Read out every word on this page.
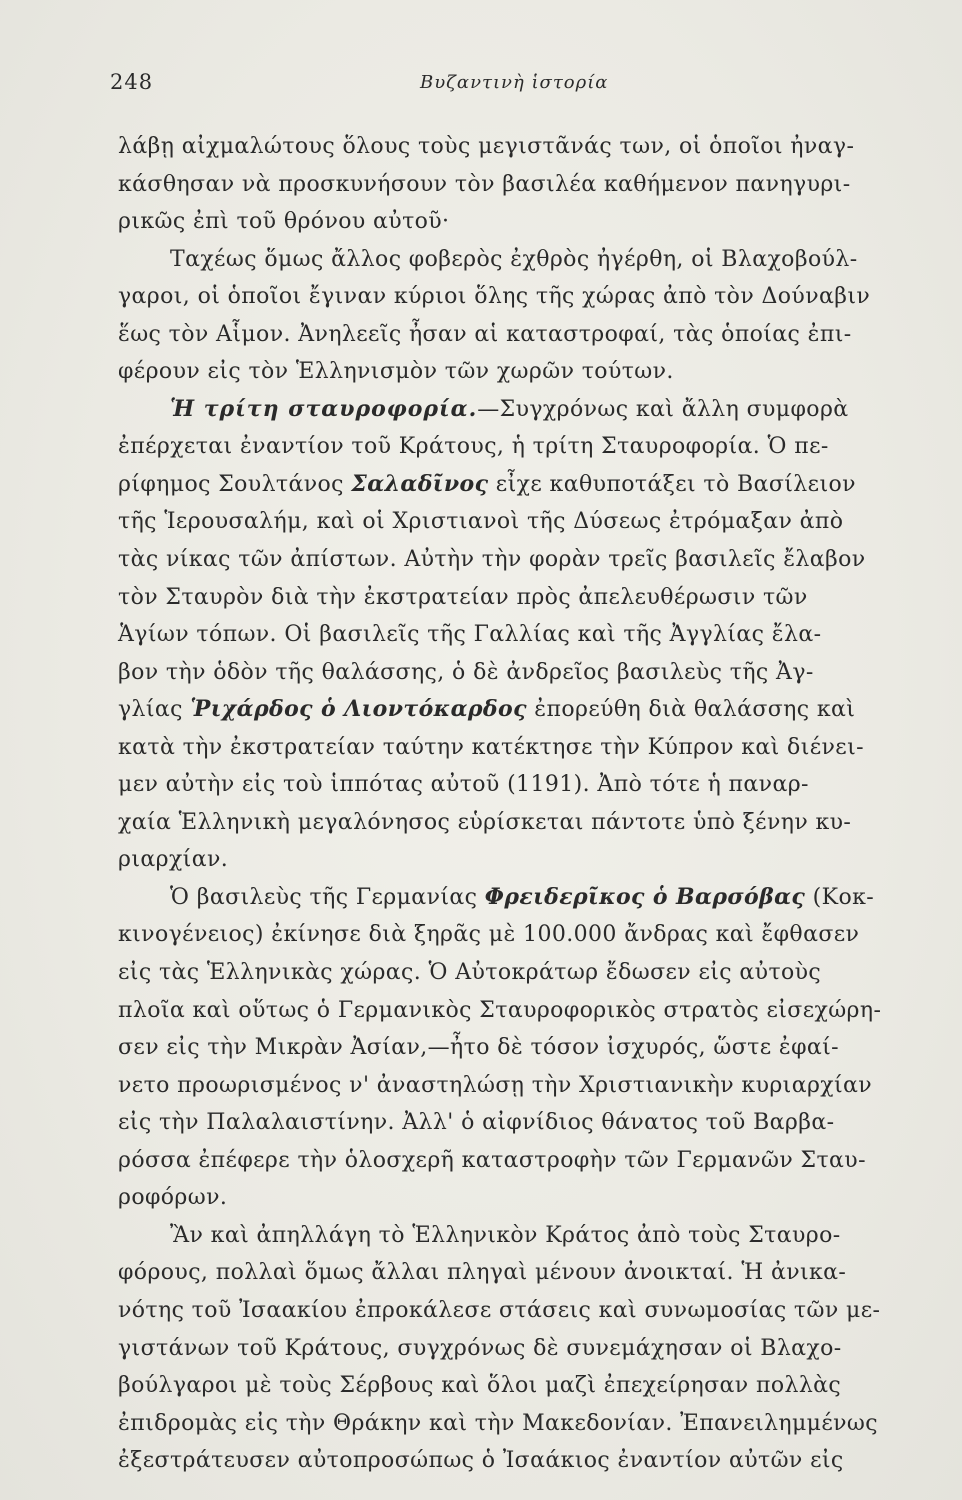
248	Βυζαντινὴ ἱστορία
λάβῃ αἰχμαλώτους ὅλους τοὺς μεγιστᾶνάς των, οἱ ὁποῖοι ἠναγ-
κάσθησαν νὰ προσκυνήσουν τὸν βασιλέα καθήμενον πανηγυρι-
ρικῶς ἐπὶ τοῦ θρόνου αὐτοῦ·
Ταχέως ὅμως ἄλλος φοβερὸς ἐχθρὸς ἠγέρθη, οἱ Βλαχοβούλ-
γαροι, οἱ ὁποῖοι ἔγιναν κύριοι ὅλης τῆς χώρας ἀπὸ τὸν Δούναβιν
ἕως τὸν Αἷμον. Ἀνηλεεῖς ἦσαν αἱ καταστροφαί, τὰς ὁποίας ἐπι-
φέρουν εἰς τὸν Ἑλληνισμὸν τῶν χωρῶν τούτων.
Ἡ τρίτη σταυροφορία.—Συγχρόνως καὶ ἄλλη συμφορὰ
ἐπέρχεται ἐναντίον τοῦ Κράτους, ἡ τρίτη Σταυροφορία. Ὁ πε-
ρίφημος Σουλτάνος Σαλαδῖνος εἶχε καθυποτάξει τὸ Βασίλειον
τῆς Ἱερουσαλήμ, καὶ οἱ Χριστιανοὶ τῆς Δύσεως ἐτρόμαξαν ἀπὸ
τὰς νίκας τῶν ἀπίστων. Αὐτὴν τὴν φορὰν τρεῖς βασιλεῖς ἔλαβον
τὸν Σταυρὸν διὰ τὴν ἐκστρατείαν πρὸς ἀπελευθέρωσιν τῶν
Ἁγίων τόπων. Οἱ βασιλεῖς τῆς Γαλλίας καὶ τῆς Ἀγγλίας ἔλα-
βον τὴν ὁδὸν τῆς θαλάσσης, ὁ δὲ ἀνδρεῖος βασιλεὺς τῆς Ἀγ-
γλίας Ῥιχάρδος ὁ Λιοντόκαρδος ἐπορεύθη διὰ θαλάσσης καὶ
κατὰ τὴν ἐκστρατείαν ταύτην κατέκτησε τὴν Κύπρον καὶ διένει-
μεν αὐτὴν εἰς τοὺ ἱππότας αὐτοῦ (1191). Ἀπὸ τότε ἡ παναρ-
χαία Ἑλληνικὴ μεγαλόνησος εὑρίσκεται πάντοτε ὑπὸ ξένην κυ-
ριαρχίαν.
Ὁ βασιλεὺς τῆς Γερμανίας Φρειδερῖκος ὁ Βαρσόβας (Κοκ-
κινογένειος) ἐκίνησε διὰ ξηρᾶς μὲ 100.000 ἄνδρας καὶ ἔφθασεν
εἰς τὰς Ἑλληνικὰς χώρας. Ὁ Αὐτοκράτωρ ἔδωσεν εἰς αὐτοὺς
πλοῖα καὶ οὕτως ὁ Γερμανικὸς Σταυροφορικὸς στρατὸς εἰσεχώρη-
σεν εἰς τὴν Μικρὰν Ἀσίαν,—ἦτο δὲ τόσον ἰσχυρός, ὥστε ἐφαί-
νετο προωρισμένος ν' ἀναστηλώσῃ τὴν Χριστιανικὴν κυριαρχίαν
εἰς τὴν Παλαλαιστίνην. Ἀλλ' ὁ αἰφνίδιος θάνατος τοῦ Βαρβα-
ρόσσα ἐπέφερε τὴν ὁλοσχερῆ καταστροφὴν τῶν Γερμανῶν Σταυ-
ροφόρων.
Ἂν καὶ ἀπηλλάγη τὸ Ἑλληνικὸν Κράτος ἀπὸ τοὺς Σταυρο-
φόρους, πολλαὶ ὅμως ἄλλαι πληγαὶ μένουν ἀνοικταί. Ἡ ἀνικα-
νότης τοῦ Ἰσαακίου ἐπροκάλεσε στάσεις καὶ συνωμοσίας τῶν με-
γιστάνων τοῦ Κράτους, συγχρόνως δὲ συνεμάχησαν οἱ Βλαχο-
βούλγαροι μὲ τοὺς Σέρβους καὶ ὅλοι μαζὶ ἐπεχείρησαν πολλὰς
ἐπιδρομὰς εἰς τὴν Θράκην καὶ τὴν Μακεδονίαν. Ἐπανειλημμένως
ἐξεστράτευσεν αὐτοπροσώπως ὁ Ἰσαάκιος ἐναντίον αὐτῶν εἰς
